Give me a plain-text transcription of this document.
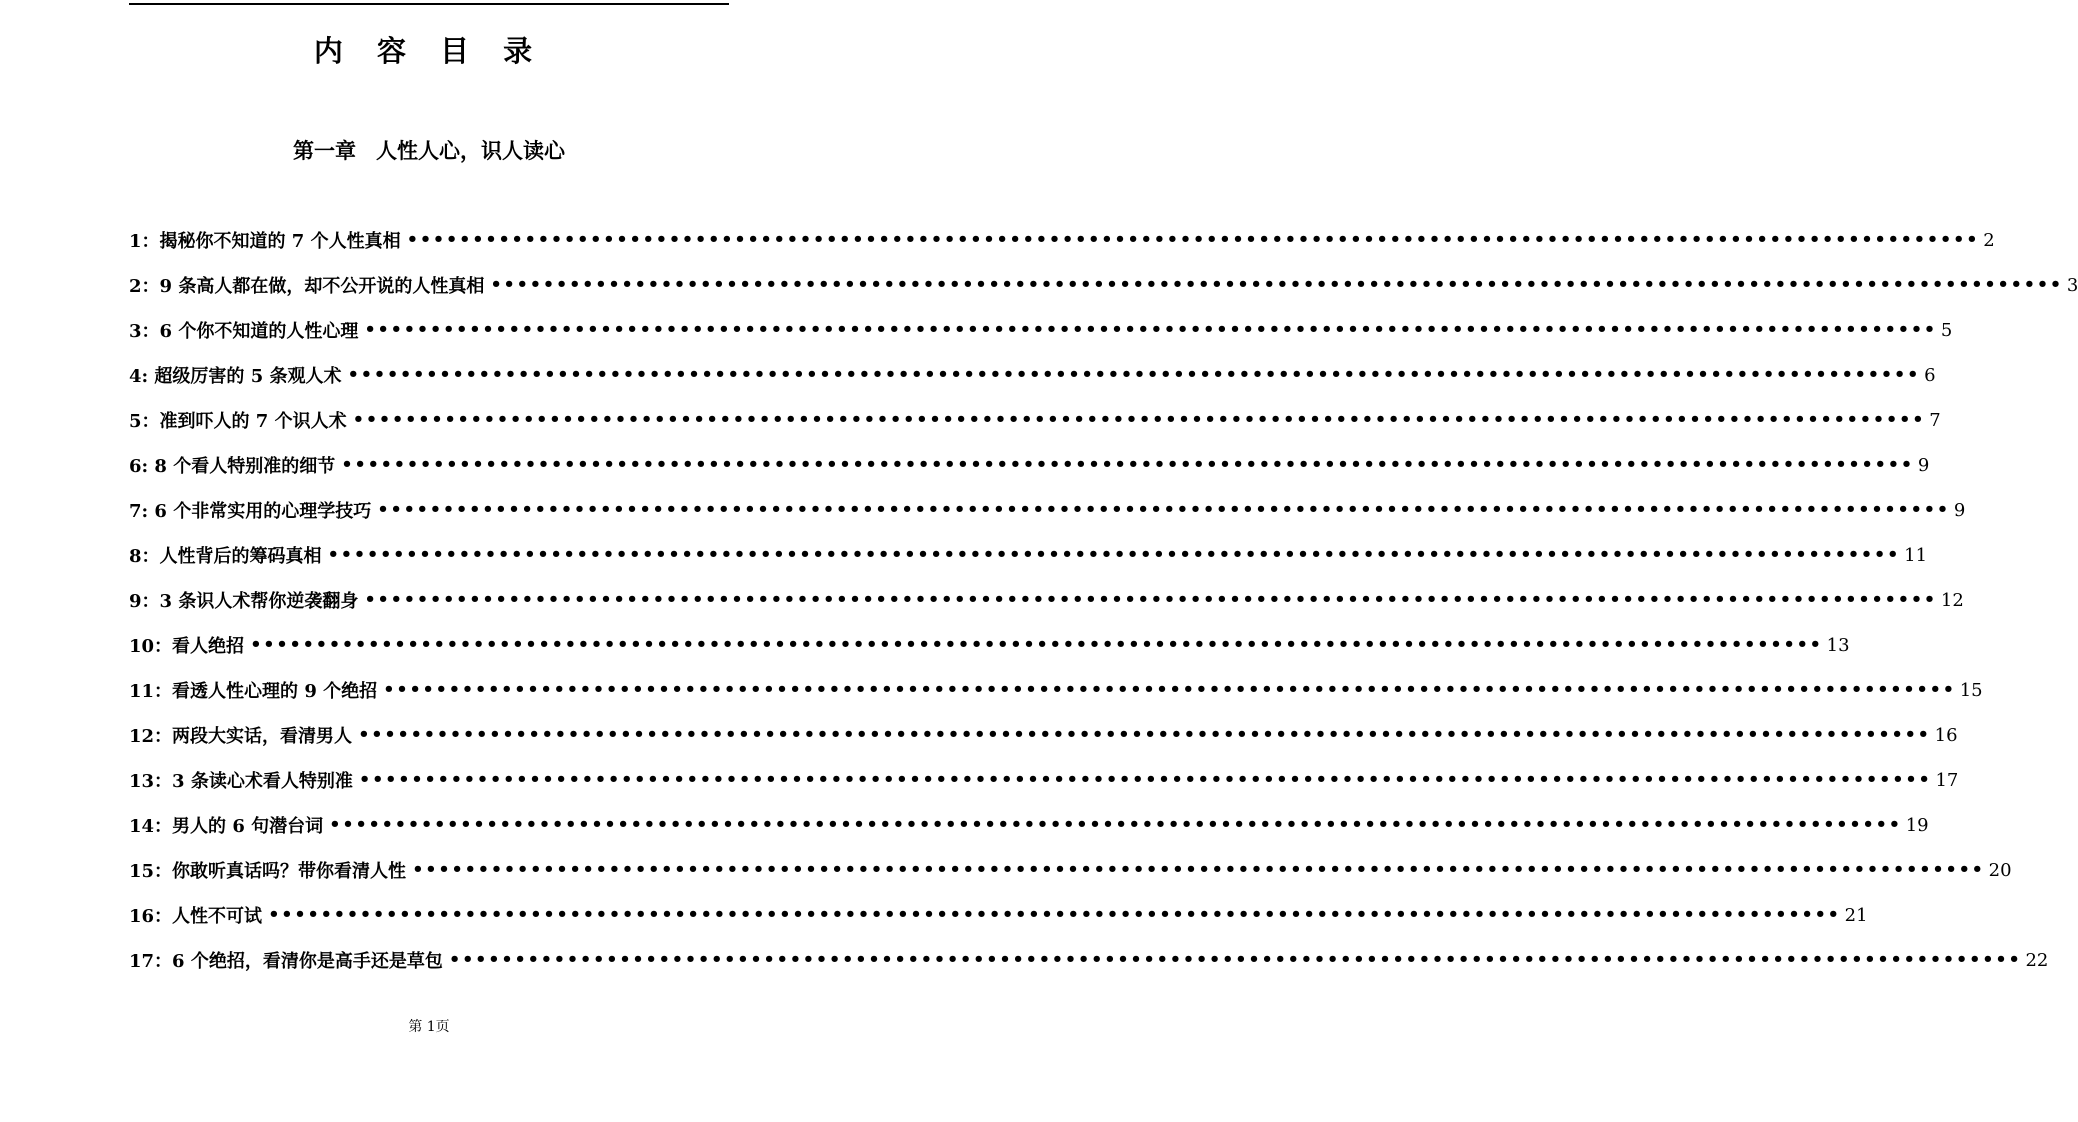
内 容 目 录
第一章 人性人心，识人读心
1：揭秘你不知道的 7 个人性真相 •••••••••••••••••••••••••••••••••••••••••••••••••••••••••••••••••••••••••••••••••••••••••••••••••••••••••••••••••••••••• 2
2：9 条高人都在做，却不公开说的人性真相 •••••••••••••••••••••••••••••••••••••••••••••••••••••••••••••••••••••••••••••••••••••••••••••••••••••••••••••••••••••••• 3
3：6 个你不知道的人性心理 •••••••••••••••••••••••••••••••••••••••••••••••••••••••••••••••••••••••••••••••••••••••••••••••••••••••••••••••••••••••• 5
4: 超级厉害的 5 条观人术 •••••••••••••••••••••••••••••••••••••••••••••••••••••••••••••••••••••••••••••••••••••••••••••••••••••••••••••••••••••••• 6
5：准到吓人的 7 个识人术 •••••••••••••••••••••••••••••••••••••••••••••••••••••••••••••••••••••••••••••••••••••••••••••••••••••••••••••••••••••••• 7
6: 8 个看人特别准的细节 •••••••••••••••••••••••••••••••••••••••••••••••••••••••••••••••••••••••••••••••••••••••••••••••••••••••••••••••••••••••• 9
7: 6 个非常实用的心理学技巧 •••••••••••••••••••••••••••••••••••••••••••••••••••••••••••••••••••••••••••••••••••••••••••••••••••••••••••••••••••••••• 9
8：人性背后的筹码真相 •••••••••••••••••••••••••••••••••••••••••••••••••••••••••••••••••••••••••••••••••••••••••••••••••••••••••••••••••••••••• 11
9：3 条识人术帮你逆袭翻身 •••••••••••••••••••••••••••••••••••••••••••••••••••••••••••••••••••••••••••••••••••••••••••••••••••••••••••••••••••••••• 12
10：看人绝招 •••••••••••••••••••••••••••••••••••••••••••••••••••••••••••••••••••••••••••••••••••••••••••••••••••••••••••••••••••••••• 13
11：看透人性心理的 9 个绝招 •••••••••••••••••••••••••••••••••••••••••••••••••••••••••••••••••••••••••••••••••••••••••••••••••••••••••••••••••••••••• 15
12：两段大实话，看清男人 •••••••••••••••••••••••••••••••••••••••••••••••••••••••••••••••••••••••••••••••••••••••••••••••••••••••••••••••••••••••• 16
13：3 条读心术看人特别准 •••••••••••••••••••••••••••••••••••••••••••••••••••••••••••••••••••••••••••••••••••••••••••••••••••••••••••••••••••••••• 17
14：男人的 6 句潜台词 •••••••••••••••••••••••••••••••••••••••••••••••••••••••••••••••••••••••••••••••••••••••••••••••••••••••••••••••••••••••• 19
15：你敢听真话吗？带你看清人性 •••••••••••••••••••••••••••••••••••••••••••••••••••••••••••••••••••••••••••••••••••••••••••••••••••••••••••••••••••••••• 20
16：人性不可试 •••••••••••••••••••••••••••••••••••••••••••••••••••••••••••••••••••••••••••••••••••••••••••••••••••••••••••••••••••••••• 21
17：6 个绝招，看清你是高手还是草包 •••••••••••••••••••••••••••••••••••••••••••••••••••••••••••••••••••••••••••••••••••••••••••••••••••••••••••••••••••••••• 22
第 1页
